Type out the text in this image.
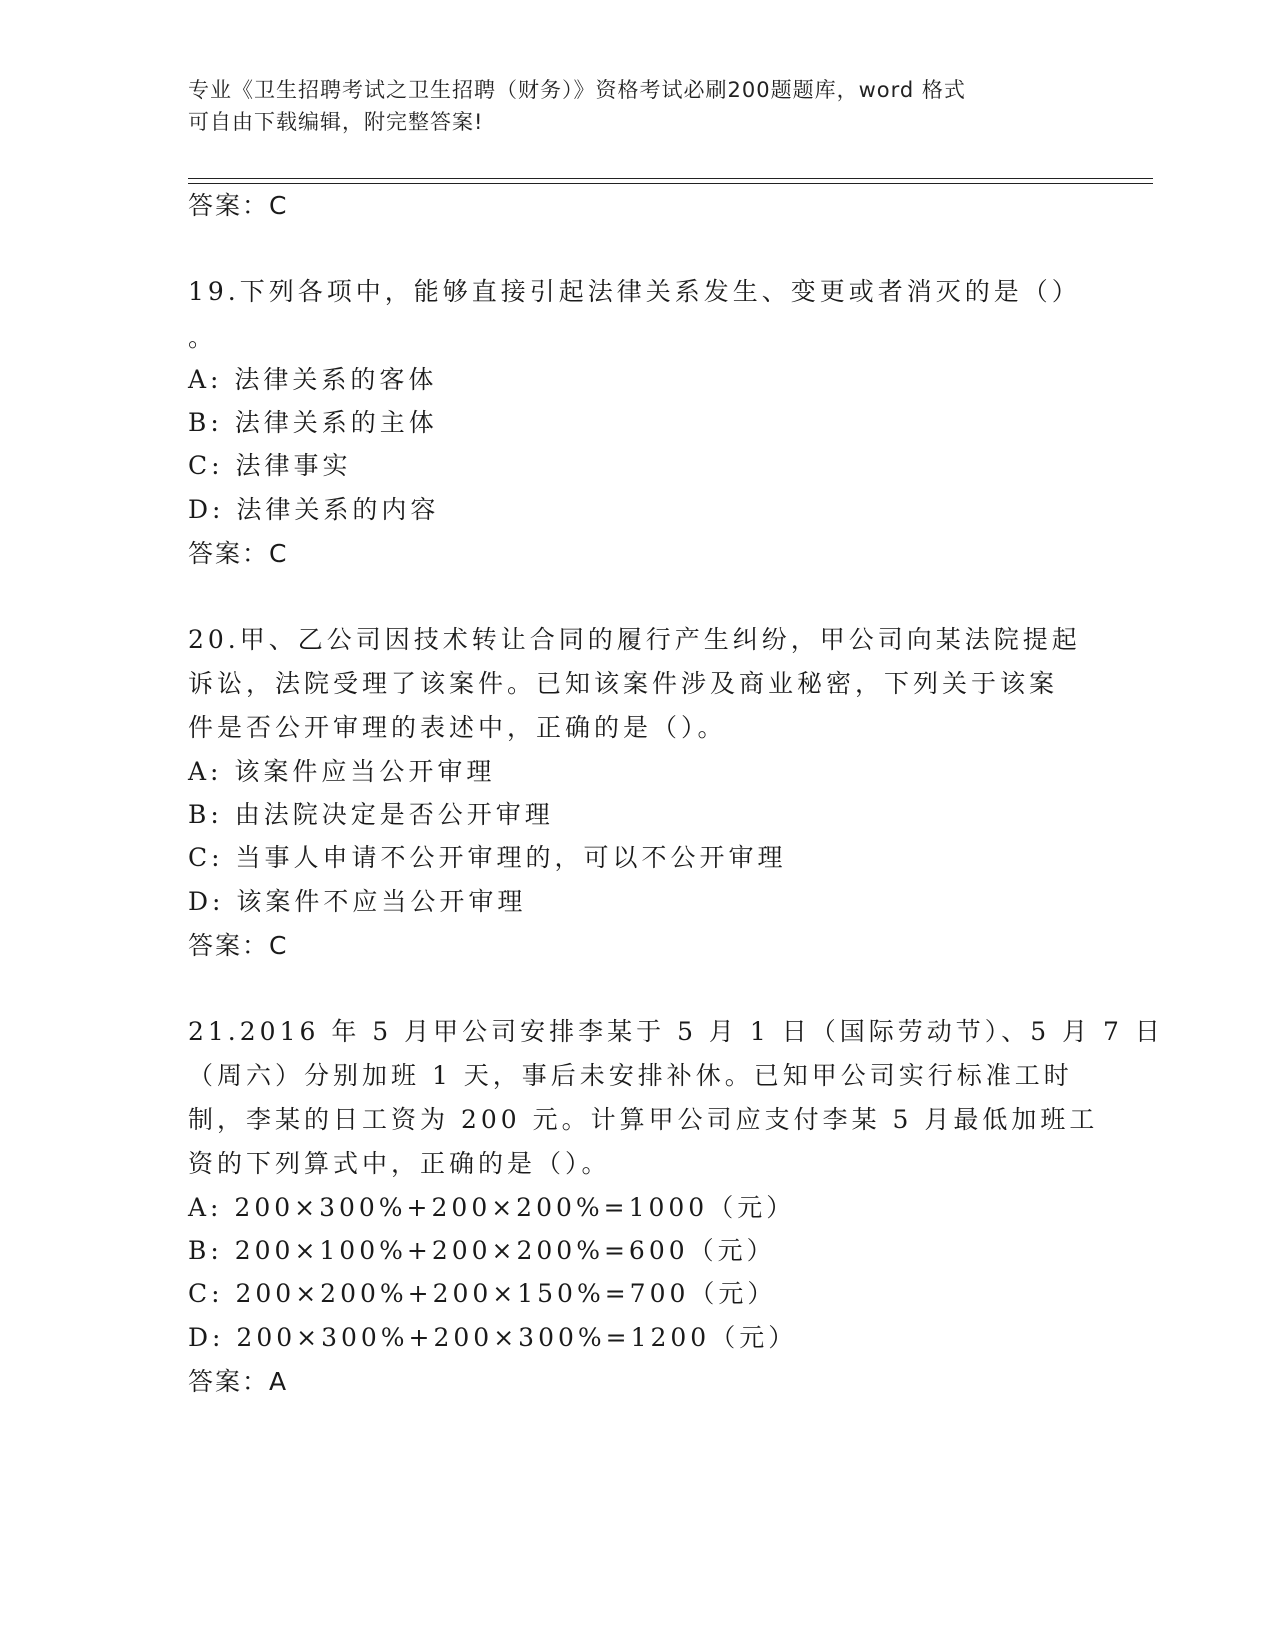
专业《卫生招聘考试之卫生招聘（财务）》资格考试必刷200题题库，word 格式
可自由下载编辑，附完整答案!
答案：C
19.下列各项中，能够直接引起法律关系发生、变更或者消灭的是（）
。
A: 法律关系的客体
B: 法律关系的主体
C: 法律事实
D: 法律关系的内容
答案：C
20.甲、乙公司因技术转让合同的履行产生纠纷，甲公司向某法院提起
诉讼，法院受理了该案件。已知该案件涉及商业秘密，下列关于该案
件是否公开审理的表述中，正确的是（）。
A: 该案件应当公开审理
B: 由法院决定是否公开审理
C: 当事人申请不公开审理的，可以不公开审理
D: 该案件不应当公开审理
答案：C
21.2016 年 5 月甲公司安排李某于 5 月 1 日（国际劳动节）、5 月 7 日
（周六）分别加班 1 天，事后未安排补休。已知甲公司实行标准工时
制，李某的日工资为 200 元。计算甲公司应支付李某 5 月最低加班工
资的下列算式中，正确的是（）。
A: 200×300%+200×200%=1000（元）
B: 200×100%+200×200%=600（元）
C: 200×200%+200×150%=700（元）
D: 200×300%+200×300%=1200（元）
答案：A
